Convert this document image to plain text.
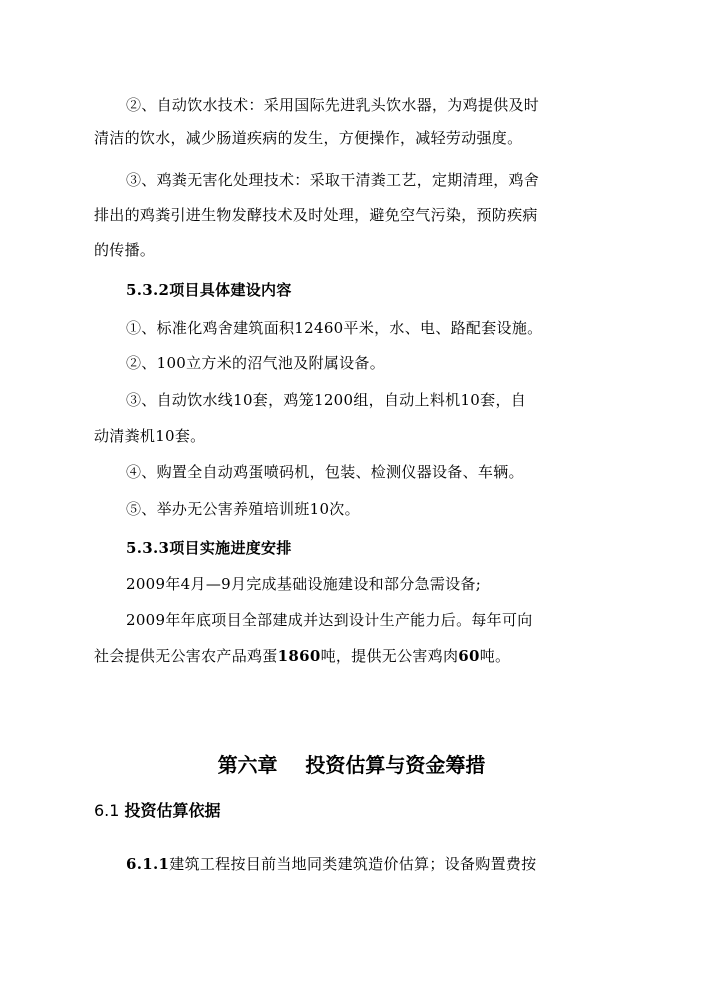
②、自动饮水技术：采用国际先进乳头饮水器，为鸡提供及时
清洁的饮水，减少肠道疾病的发生，方便操作，减轻劳动强度。
③、鸡粪无害化处理技术：采取干清粪工艺，定期清理，鸡舍
排出的鸡粪引进生物发酵技术及时处理，避免空气污染，预防疾病
的传播。
5.3.2项目具体建设内容
①、标准化鸡舍建筑面积12460平米，水、电、路配套设施。
②、100立方米的沼气池及附属设备。
③、自动饮水线10套，鸡笼1200组，自动上料机10套，自
动清粪机10套。
④、购置全自动鸡蛋喷码机，包装、检测仪器设备、车辆。
⑤、举办无公害养殖培训班10次。
5.3.3项目实施进度安排
2009年4月—9月完成基础设施建设和部分急需设备;
2009年年底项目全部建成并达到设计生产能力后。每年可向
社会提供无公害农产品鸡蛋1860吨，提供无公害鸡肉60吨。
第六章    投资估算与资金筹措
6.1 投资估算依据
6.1.1建筑工程按目前当地同类建筑造价估算；设备购置费按
